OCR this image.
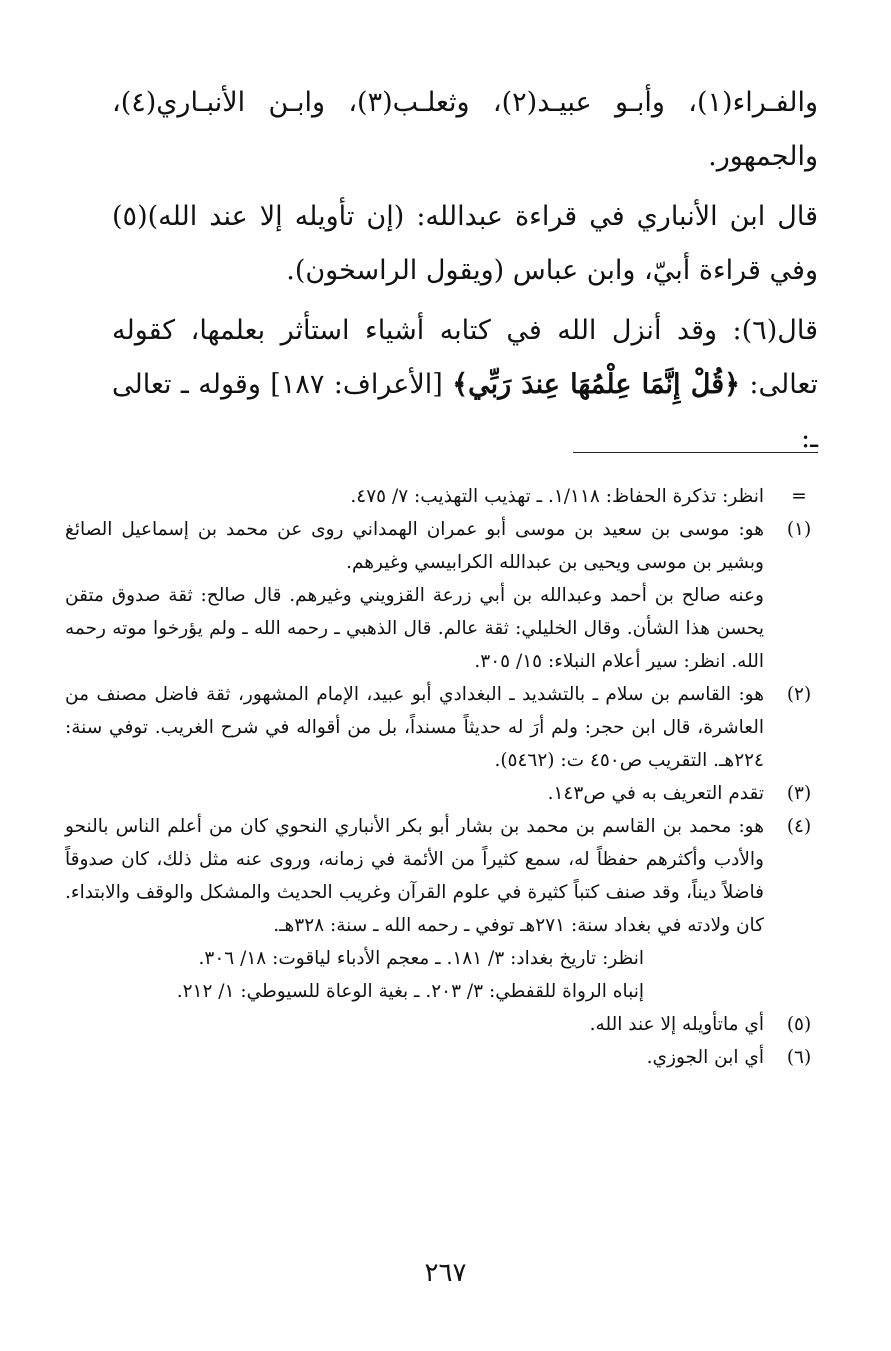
والفـراء(١)، وأبـو عبيـد(٢)، وثعلـب(٣)، وابـن الأنبـاري(٤)، والجمهور.

قال ابن الأنباري في قراءة عبدالله: (إن تأويله إلا عند الله)(٥) وفي قراءة أبيّ، وابن عباس (ويقول الراسخون).

قال(٦): وقد أنزل الله في كتابه أشياء استأثر بعلمها، كقوله تعالى: ﴿قُلْ إِنَّمَا عِلْمُهَا عِندَ رَبِّي﴾ [الأعراف: ١٨٧] وقوله ـ تعالى ـ:

=
انظر: تذكرة الحفاظ: ١/١١٨. ـ تهذيب التهذيب: ٧/ ٤٧٥.
(١)
هو: موسى بن سعيد بن موسى أبو عمران الهمداني روى عن محمد بن إسماعيل الصائغ وبشير بن موسى ويحيى بن عبدالله الكرابيسي وغيرهم.
وعنه صالح بن أحمد وعبدالله بن أبي زرعة القزويني وغيرهم. قال صالح: ثقة صدوق متقن يحسن هذا الشأن. وقال الخليلي: ثقة عالم. قال الذهبي ـ رحمه الله ـ ولم يؤرخوا موته رحمه الله. انظر: سير أعلام النبلاء: ١٥/ ٣٠٥.
(٢)
هو: القاسم بن سلام ـ بالتشديد ـ البغدادي أبو عبيد، الإمام المشهور، ثقة فاضل مصنف من العاشرة، قال ابن حجر: ولم أرَ له حديثاً مسنداً، بل من أقواله في شرح الغريب. توفي سنة: ٢٢٤هـ. التقريب ص٤٥٠ ت: (٥٤٦٢).
(٣)
تقدم التعريف به في ص١٤٣.
(٤)
هو: محمد بن القاسم بن محمد بن بشار أبو بكر الأنباري النحوي كان من أعلم الناس بالنحو والأدب وأكثرهم حفظاً له، سمع كثيراً من الأئمة في زمانه، وروى عنه مثل ذلك، كان صدوقاً فاضلاً ديناً، وقد صنف كتباً كثيرة في علوم القرآن وغريب الحديث والمشكل والوقف والابتداء. كان ولادته في بغداد سنة: ٢٧١هـ توفي ـ رحمه الله ـ سنة: ٣٢٨هـ.
انظر: تاريخ بغداد: ٣/ ١٨١. ـ معجم الأدباء لياقوت: ١٨/ ٣٠٦.
إنباه الرواة للقفطي: ٣/ ٢٠٣. ـ بغية الوعاة للسيوطي: ١/ ٢١٢.
(٥)
أي ماتأويله إلا عند الله.
(٦)
أي ابن الجوزي.
٢٦٧
